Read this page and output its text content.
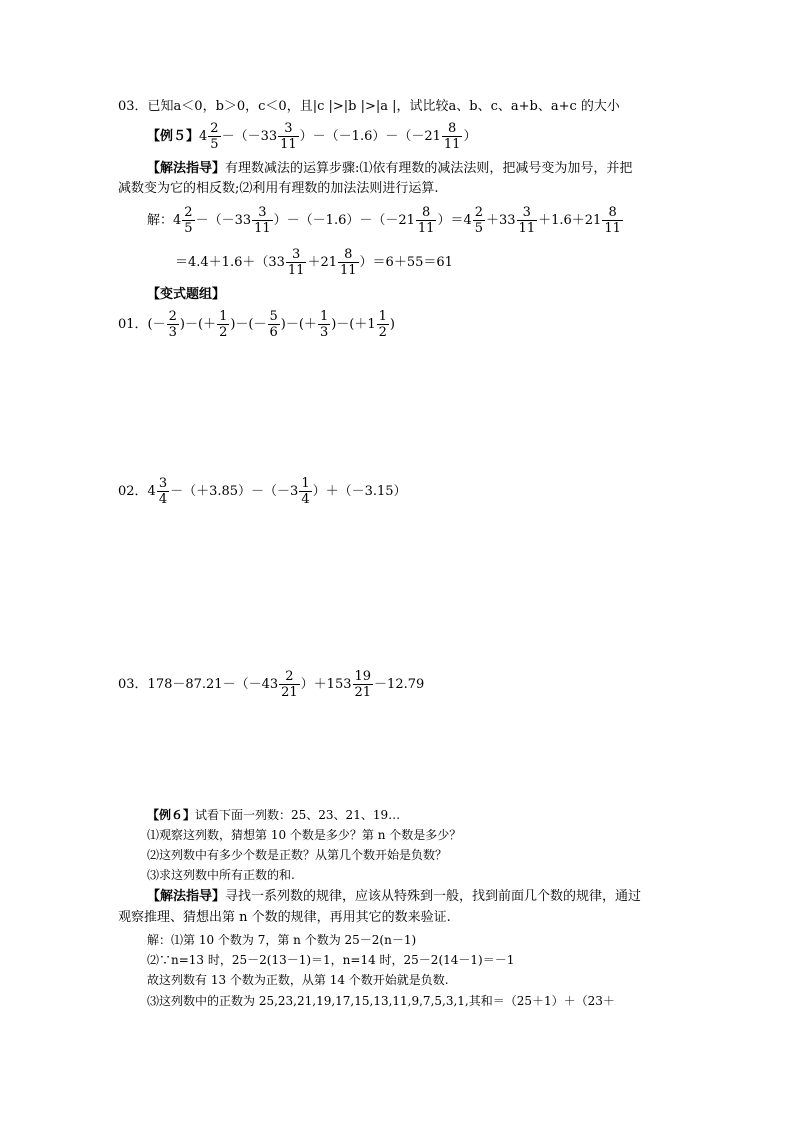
03．已知a＜0，b＞0，c＜0，且|c |>|b |>|a |，试比较a、b、c、a+b、a+c 的大小
【例５】$4 \frac{2}{5} -(-33 \frac{3}{11} )-(-1.6)-(-21 \frac{8}{11}$ ）
【解法指导】有理数减法的运算步骤:⑴依有理数的减法法则，把减号变为加号，并把
减数变为它的相反数;⑵利用有理数的加法法则进行运算.
解：$4 \frac{2}{5} -(-33 \frac{3}{11} )-(-1.6)-(-21 \frac{8}{11} )=4 \frac{2}{5} +33 \frac{3}{11} +1.6+21 \frac{8}{11}$
$=4.4+1.6+(33 \frac{3}{11} +21 \frac{8}{11} )=6+55=61$
【变式题组】
01．(－ $\frac{2}{3}$ )－(＋ $\frac{1}{2}$ )－(－ $\frac{5}{6}$ )－(＋ $\frac{1}{3} )-(+1 \frac{1}{2}$ )
02．$4 \frac{3}{4} -(+3.85)-(-3 \frac{1}{4} )+(-3.15)$
03．$178-87.21-(-43 \frac{2}{21} )+153 \frac{19}{21} -12.79$
【例６】试看下面一列数：25、23、21、19…
⑴观察这列数，猜想第 10 个数是多少？第 n 个数是多少？
⑵这列数中有多少个数是正数？从第几个数开始是负数？
⑶求这列数中所有正数的和.
【解法指导】寻找一系列数的规律，应该从特殊到一般，找到前面几个数的规律，通过
观察推理、猜想出第 n 个数的规律，再用其它的数来验证.
解：⑴第 10 个数为 7，第 n 个数为 25－2(n－1)
⑵∵n=13 时，25－2(13－1)＝1，n=14 时，25－2(14－1)＝－1
故这列数有 13 个数为正数，从第 14 个数开始就是负数.
⑶这列数中的正数为 25,23,21,19,17,15,13,11,9,7,5,3,1,其和＝（25＋1）＋（23＋
